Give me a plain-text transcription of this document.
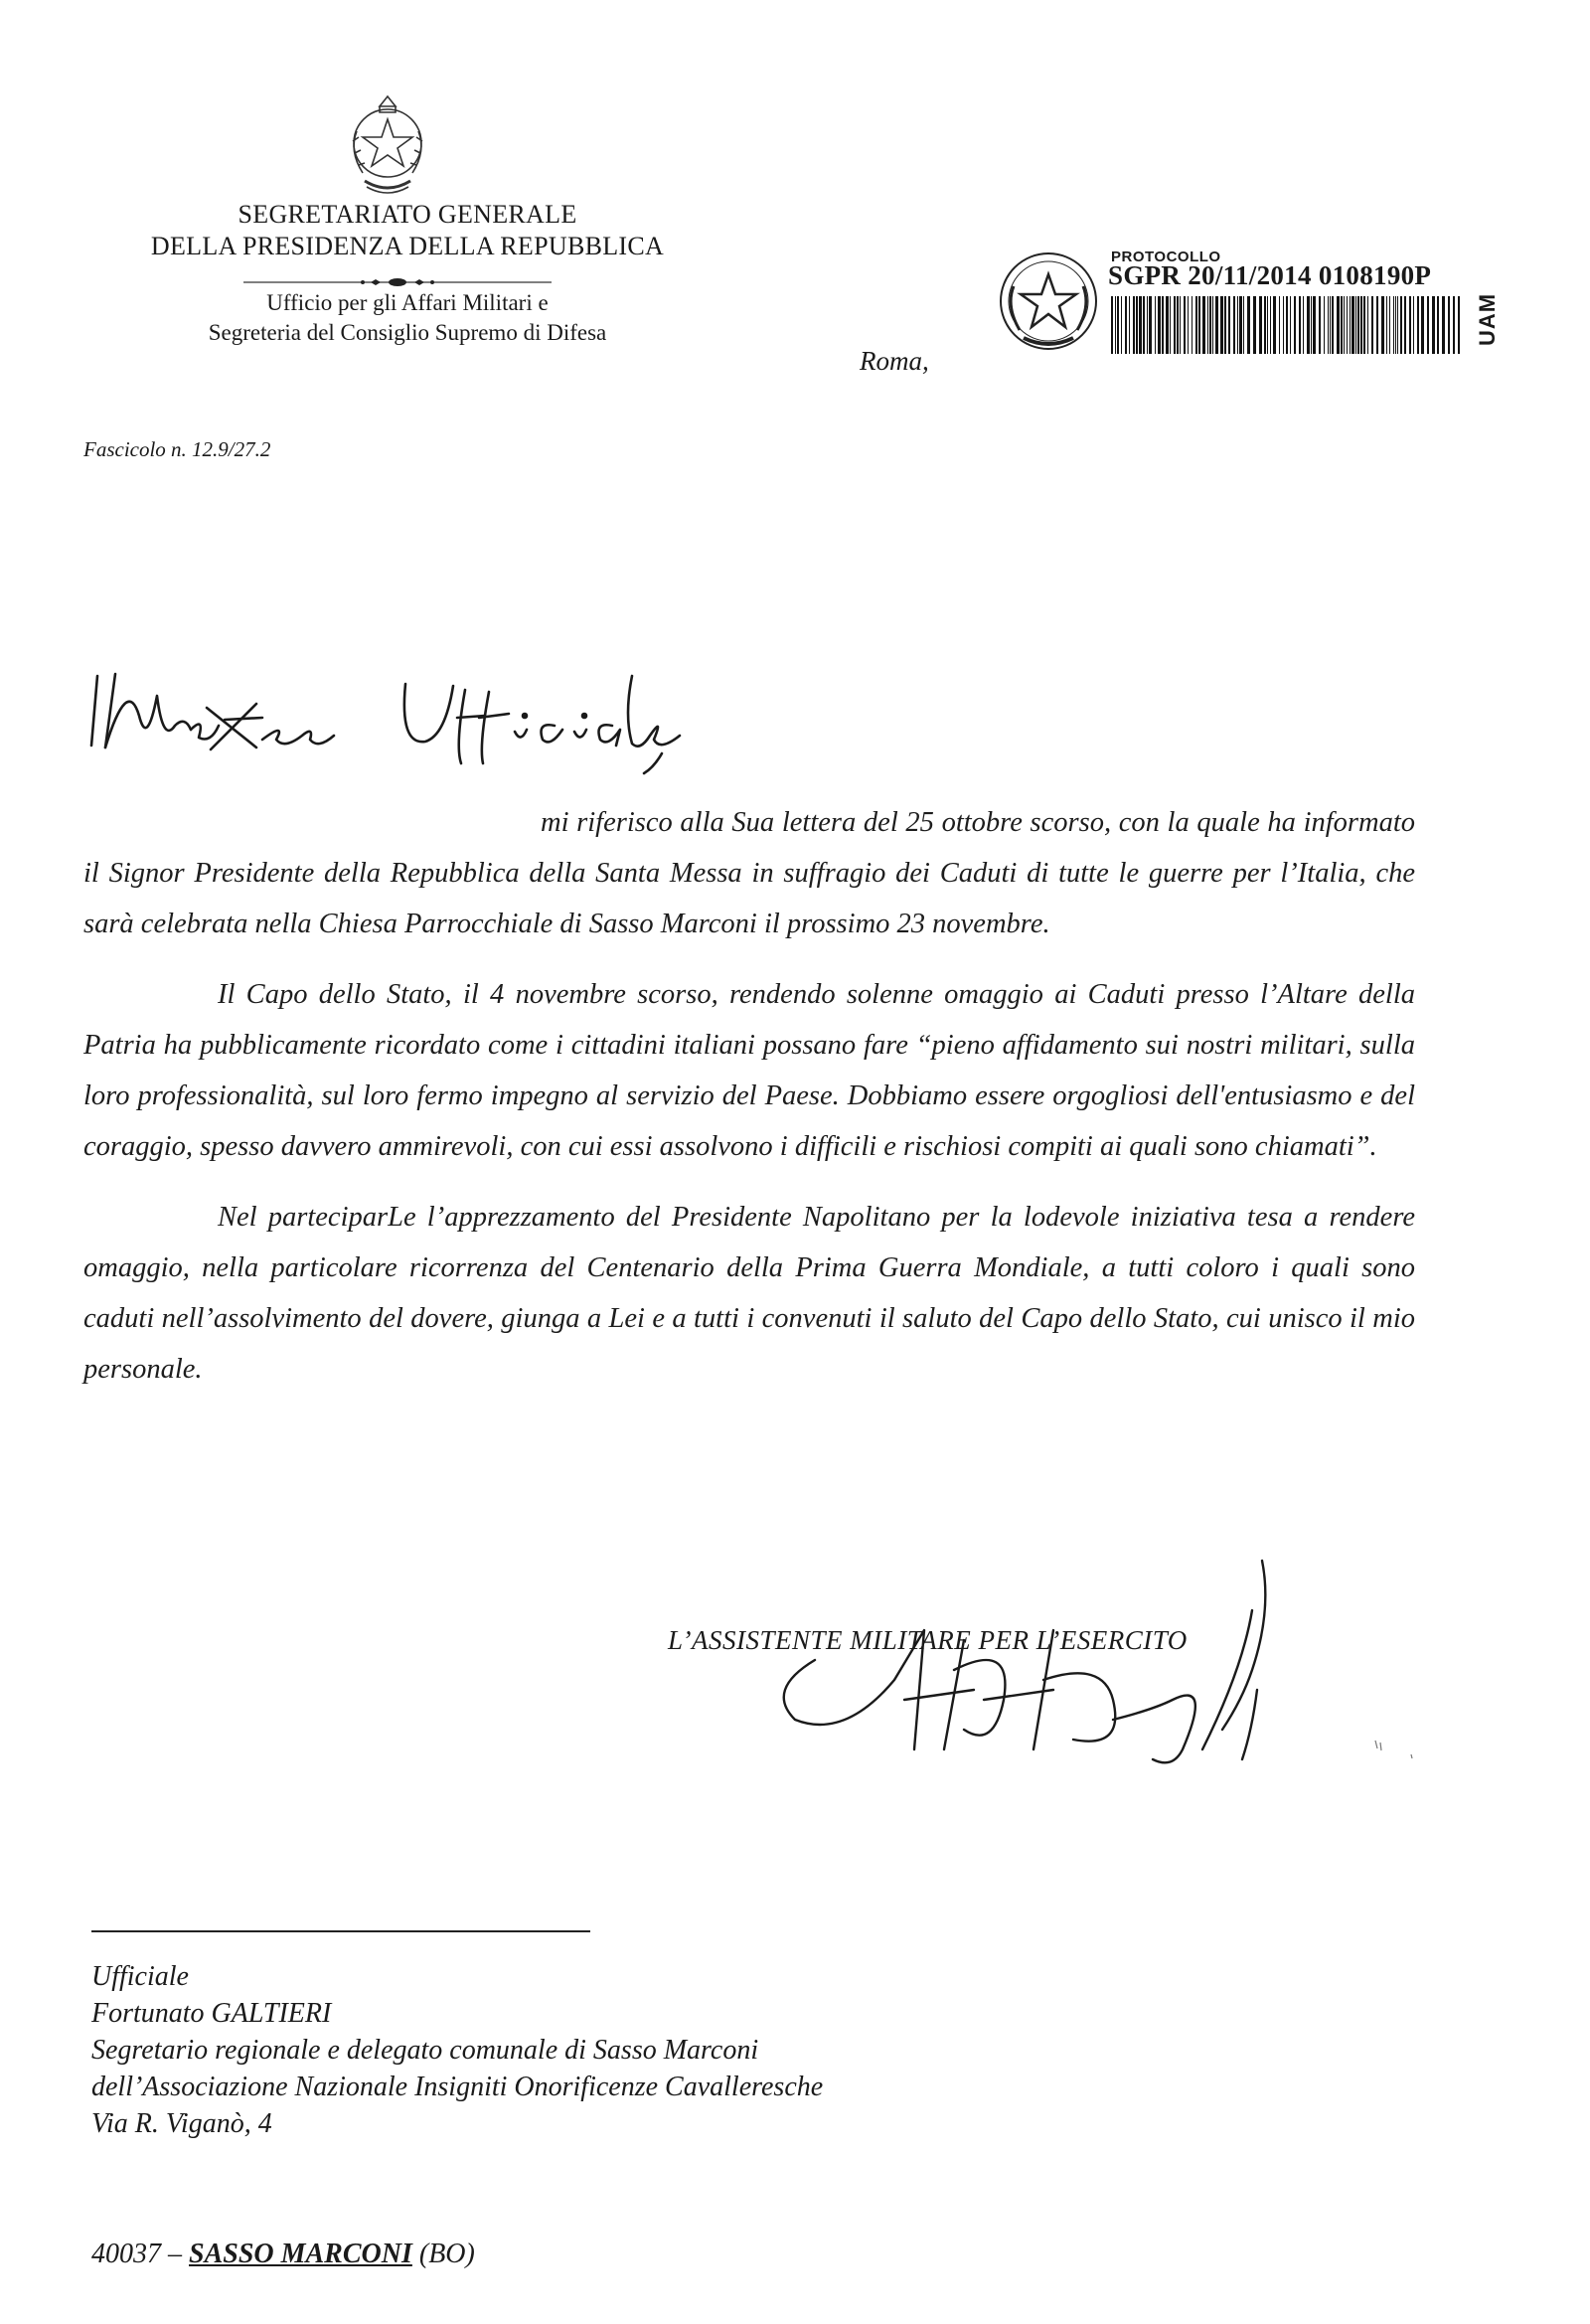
SEGRETARIATO GENERALE
DELLA PRESIDENZA DELLA REPUBBLICA
Ufficio per gli Affari Militari e
Segreteria del Consiglio Supremo di Difesa
Roma,
PROTOCOLLO
SGPR 20/11/2014 0108190P
UAM
Fascicolo n. 12.9/27.2

mi riferisco alla Sua lettera del 25 ottobre scorso, con la quale ha informato il Signor Presidente della Repubblica della Santa Messa in suffragio dei Caduti di tutte le guerre per l’Italia, che sarà celebrata nella Chiesa Parrocchiale di Sasso Marconi il prossimo 23 novembre.

Il Capo dello Stato, il 4 novembre scorso, rendendo solenne omaggio ai Caduti presso l’Altare della Patria ha pubblicamente ricordato come i cittadini italiani possano fare “pieno affidamento sui nostri militari, sulla loro professionalità, sul loro fermo impegno al servizio del Paese. Dobbiamo essere orgogliosi dell'entusiasmo e del coraggio, spesso davvero ammirevoli, con cui essi assolvono i difficili e rischiosi compiti ai quali sono chiamati”.

Nel parteciparLe l’apprezzamento del Presidente Napolitano per la lodevole iniziativa tesa a rendere omaggio, nella particolare ricorrenza del Centenario della Prima Guerra Mondiale, a tutti coloro i quali sono caduti nell’assolvimento del dovere, giunga a Lei e a tutti i convenuti il saluto del Capo dello Stato, cui unisco il mio personale.

L’ASSISTENTE MILITARE PER L’ESERCITO
Ufficiale
Fortunato GALTIERI
Segretario regionale e delegato comunale di Sasso Marconi
dell’Associazione Nazionale Insigniti Onorificenze Cavalleresche
Via R. Viganò, 4
40037 – SASSO MARCONI (BO)
